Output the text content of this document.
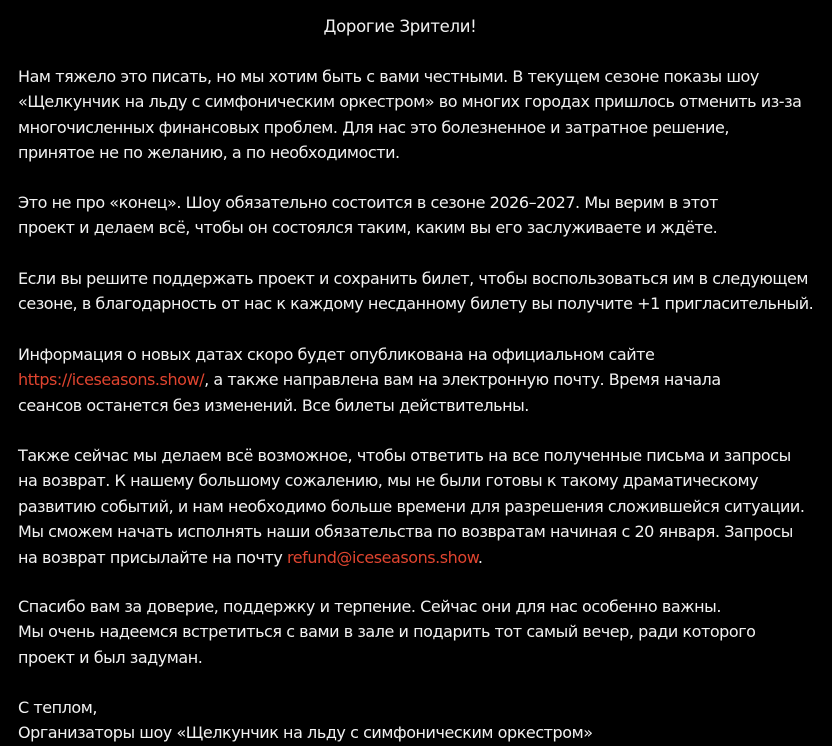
Дорогие Зрители!

Нам тяжело это писать, но мы хотим быть с вами честными. В текущем сезоне показы шоу
«Щелкунчик на льду с симфоническим оркестром» во многих городах пришлось отменить из-за
многочисленных финансовых проблем. Для нас это болезненное и затратное решение,
принятое не по желанию, а по необходимости.

Это не про «конец». Шоу обязательно состоится в сезоне 2026–2027. Мы верим в этот
проект и делаем всё, чтобы он состоялся таким, каким вы его заслуживаете и ждёте.

Если вы решите поддержать проект и сохранить билет, чтобы воспользоваться им в следующем
сезоне, в благодарность от нас к каждому несданному билету вы получите +1 пригласительный.

Информация о новых датах скоро будет опубликована на официальном сайте
https://iceseasons.show/, а также направлена вам на электронную почту. Время начала
сеансов останется без изменений. Все билеты действительны.

Также сейчас мы делаем всё возможное, чтобы ответить на все полученные письма и запросы
на возврат. К нашему большому сожалению, мы не были готовы к такому драматическому
развитию событий, и нам необходимо больше времени для разрешения сложившейся ситуации.
Мы сможем начать исполнять наши обязательства по возвратам начиная с 20 января. Запросы
на возврат присылайте на почту refund@iceseasons.show.

Спасибо вам за доверие, поддержку и терпение. Сейчас они для нас особенно важны.
Мы очень надеемся встретиться с вами в зале и подарить тот самый вечер, ради которого
проект и был задуман.

С теплом,
Организаторы шоу «Щелкунчик на льду с симфоническим оркестром»
